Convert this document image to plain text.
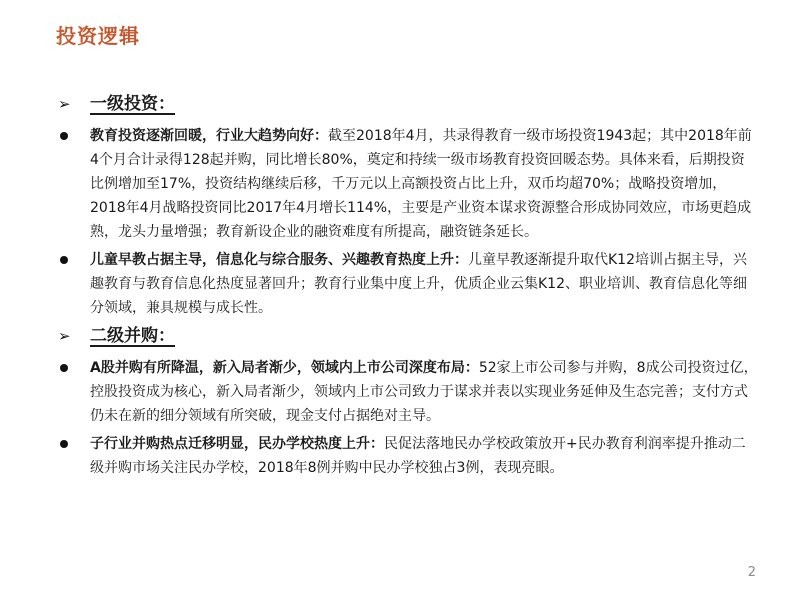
投资逻辑
➢ 一级投资：
教育投资逐渐回暖，行业大趋势向好：截至2018年4月，共录得教育一级市场投资1943起；其中2018年前4个月合计录得128起并购，同比增长80%，奠定和持续一级市场教育投资回暖态势。具体来看，后期投资比例增加至17%，投资结构继续后移，千万元以上高额投资占比上升，双币均超70%；战略投资增加，2018年4月战略投资同比2017年4月增长114%，主要是产业资本谋求资源整合形成协同效应，市场更趋成熟，龙头力量增强；教育新设企业的融资难度有所提高，融资链条延长。
儿童早教占据主导，信息化与综合服务、兴趣教育热度上升：儿童早教逐渐提升取代K12培训占据主导，兴趣教育与教育信息化热度显著回升；教育行业集中度上升，优质企业云集K12、职业培训、教育信息化等细分领域，兼具规模与成长性。
➢ 二级并购：
A股并购有所降温，新入局者渐少，领域内上市公司深度布局：52家上市公司参与并购，8成公司投资过亿，控股投资成为核心，新入局者渐少，领域内上市公司致力于谋求并表以实现业务延伸及生态完善；支付方式仍未在新的细分领域有所突破，现金支付占据绝对主导。
子行业并购热点迁移明显，民办学校热度上升：民促法落地民办学校政策放开+民办教育利润率提升推动二级并购市场关注民办学校，2018年8例并购中民办学校独占3例，表现亮眼。
2
